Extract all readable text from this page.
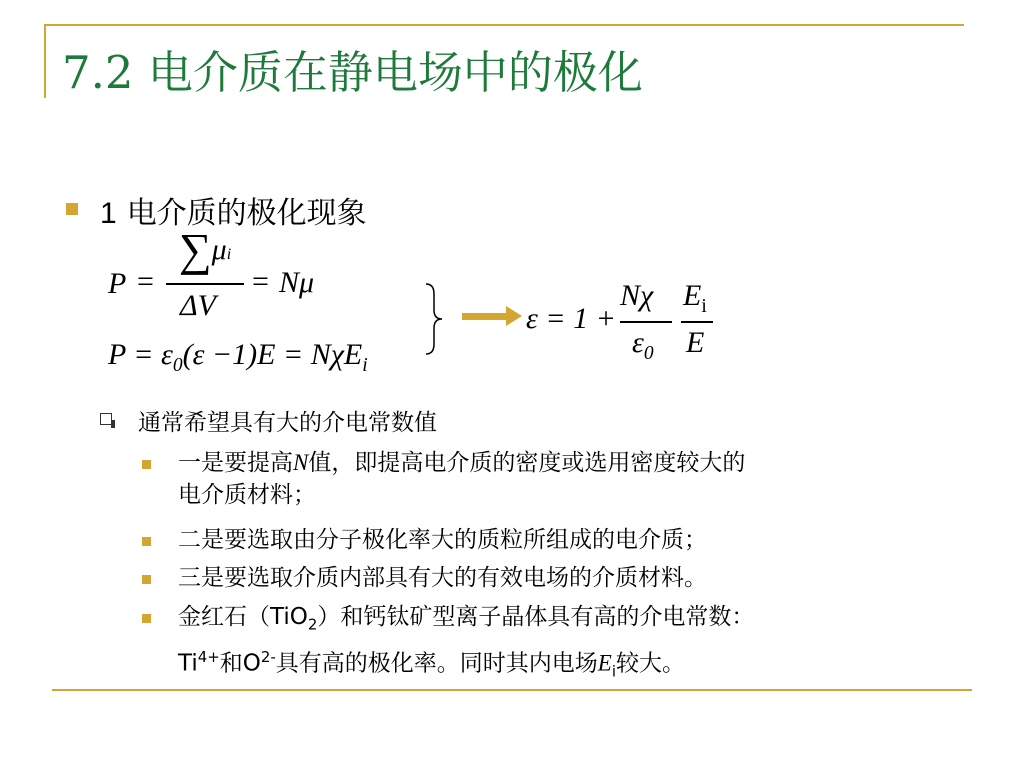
7.2 电介质在静电场中的极化
1 电介质的极化现象
P =
∑μi
ΔV
= Nμ
$P = \varepsilon_0(\varepsilon -1)E = N\chi E_i$
ε = 1 +
Nχ
$\varepsilon_0$
$E_i$
E
通常希望具有大的介电常数值
一是要提高N值，即提高电介质的密度或选用密度较大的
电介质材料；
二是要选取由分子极化率大的质粒所组成的电介质；
三是要选取介质内部具有大的有效电场的介质材料。
金红石（TiO$_2$）和钙钛矿型离子晶体具有高的介电常数：
$Ti^{4+}$和$O^{2-}$具有高的极化率。同时其内电场$E_i$较大。
